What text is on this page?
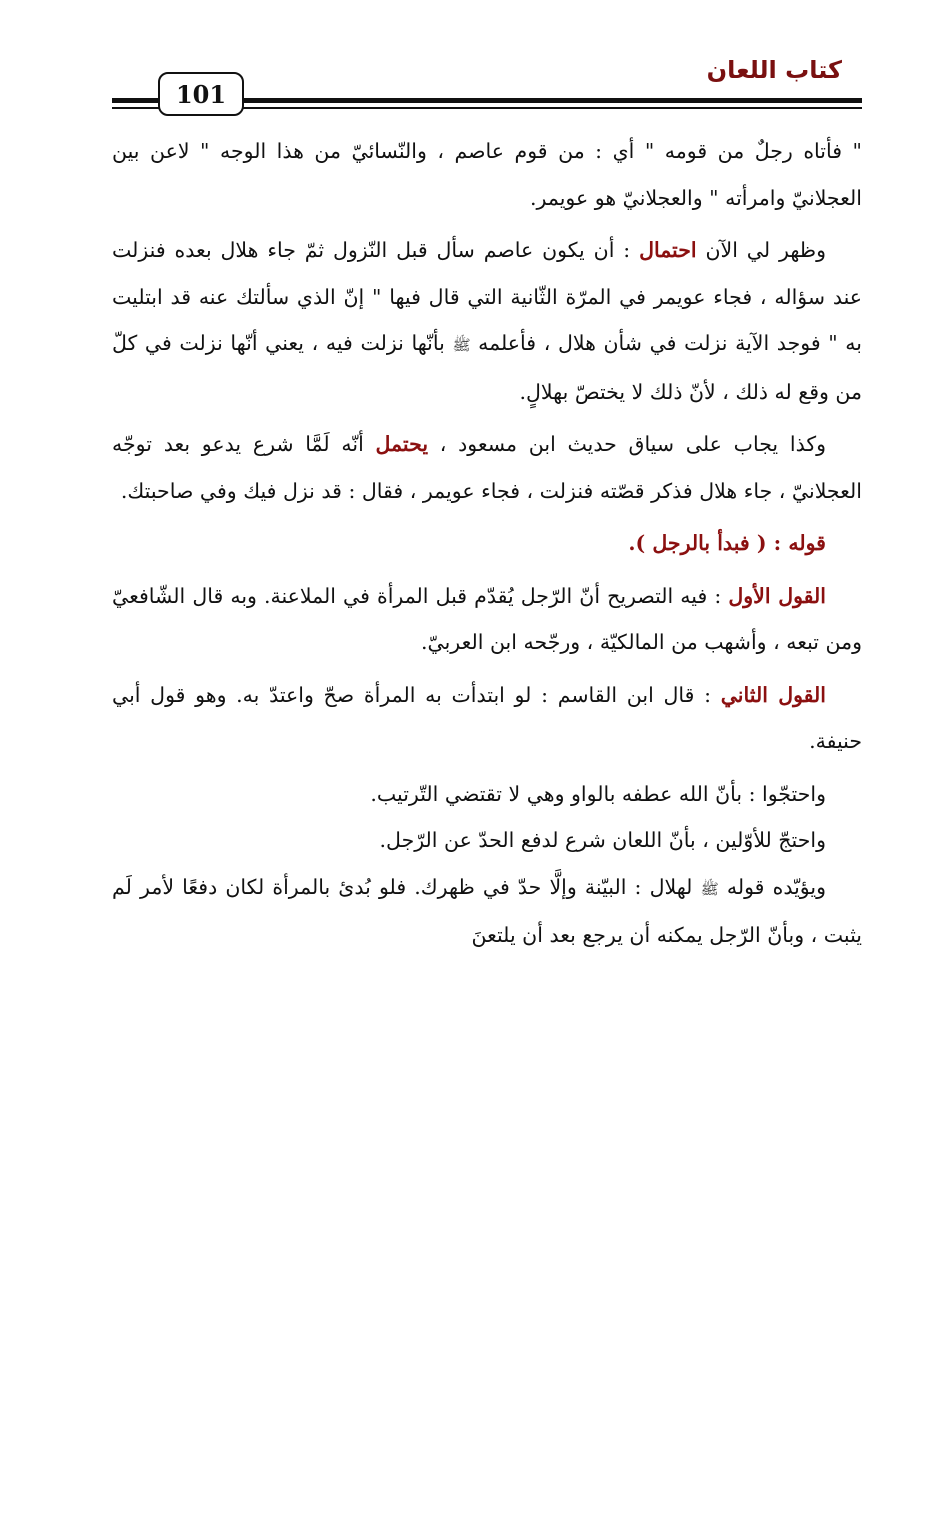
كتاب اللعان
101

" فأتاه رجلٌ من قومه " أي : من قوم عاصم ، والنّسائيّ من هذا الوجه " لاعن بين العجلانيّ وامرأته " والعجلانيّ هو عويمر.

وظهر لي الآن احتمال : أن يكون عاصم سأل قبل النّزول ثمّ جاء هلال بعده فنزلت عند سؤاله ، فجاء عويمر في المرّة الثّانية التي قال فيها " إنّ الذي سألتك عنه قد ابتليت به " فوجد الآية نزلت في شأن هلال ، فأعلمه ﷺ بأنّها نزلت فيه ، يعني أنّها نزلت في كلّ من وقع له ذلك ، لأنّ ذلك لا يختصّ بهلالٍ.

وكذا يجاب على سياق حديث ابن مسعود ، يحتمل أنّه لَمَّا شرع يدعو بعد توجّه العجلانيّ ، جاء هلال فذكر قصّته فنزلت ، فجاء عويمر ، فقال : قد نزل فيك وفي صاحبتك.

قوله : ( فبدأ بالرجل ).

القول الأول : فيه التصريح أنّ الرّجل يُقدّم قبل المرأة في الملاعنة. وبه قال الشّافعيّ ومن تبعه ، وأشهب من المالكيّة ، ورجّحه ابن العربيّ.

القول الثاني : قال ابن القاسم : لو ابتدأت به المرأة صحّ واعتدّ به. وهو قول أبي حنيفة.

واحتجّوا : بأنّ الله عطفه بالواو وهي لا تقتضي التّرتيب.

واحتجّ للأوّلين ، بأنّ اللعان شرع لدفع الحدّ عن الرّجل.

ويؤيّده قوله ﷺ لهلال : البيّنة وإلَّا حدّ في ظهرك. فلو بُدئ بالمرأة لكان دفعًا لأمر لَم يثبت ، وبأنّ الرّجل يمكنه أن يرجع بعد أن يلتعنَ
